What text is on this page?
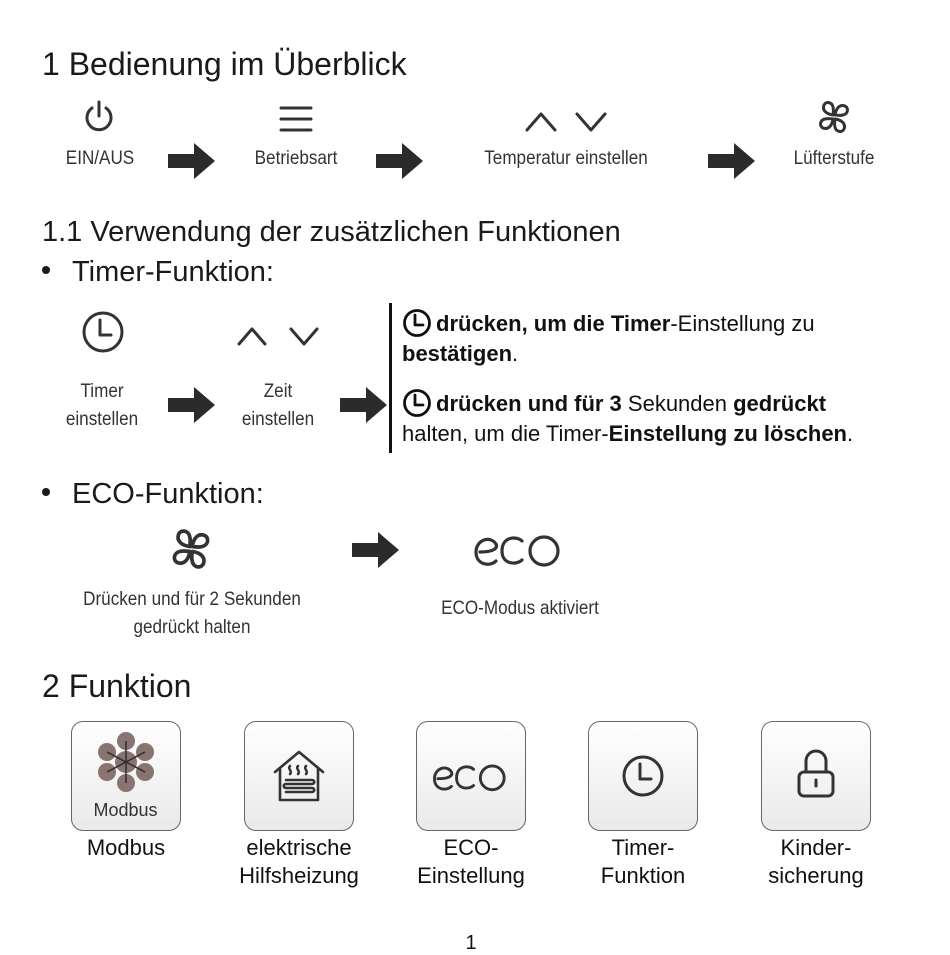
1 Bedienung im Überblick
EIN/AUS	Betriebsart	Temperatur einstellen	Lüfterstufe
1.1 Verwendung der zusätzlichen Funktionen
Timer-Funktion:
Timer
einstellen
Zeit
einstellen
drücken, um die Timer-Einstellung zu
bestätigen.
drücken und für 3 Sekunden gedrückt
halten, um die Timer-Einstellung zu löschen.
ECO-Funktion:
Drücken und für 2 Sekunden
gedrückt halten
ECO-Modus aktiviert
2 Funktion
Modbus
Modbus	elektrische
Hilfsheizung
ECO-
Einstellung
Timer-
Funktion
Kinder-
sicherung
1
